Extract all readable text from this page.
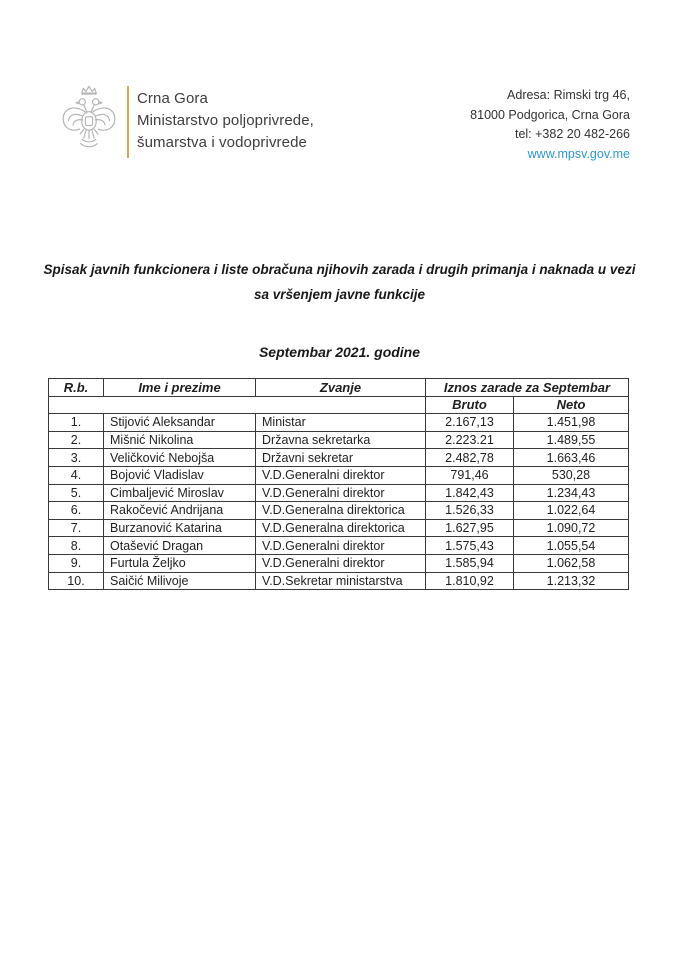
Crna Gora
Ministarstvo poljoprivrede,
šumarstva i vodoprivrede
Adresa: Rimski trg 46,
81000 Podgorica, Crna Gora
tel: +382 20 482-266
www.mpsv.gov.me
Spisak javnih funkcionera i liste obračuna njihovih zarada i drugih primanja i naknada u vezi
sa vršenjem javne funkcije
Septembar 2021. godine
R.b.	Ime i prezime	Zvanje	Iznos zarade za Septembar	
			Bruto	Neto
1.	Stijović Aleksandar	Ministar	2.167,13	1.451,98
2.	Mišnić Nikolina	Državna sekretarka	2.223.21	1.489,55
3.	Veličković Nebojša	Državni sekretar	2.482,78	1.663,46
4.	Bojović Vladislav	V.D.Generalni direktor	791,46	530,28
5.	Cimbaljević Miroslav	V.D.Generalni direktor	1.842,43	1.234,43
6.	Rakočević Andrijana	V.D.Generalna direktorica	1.526,33	1.022,64
7.	Burzanović Katarina	V.D.Generalna direktorica	1.627,95	1.090,72
8.	Otašević Dragan	V.D.Generalni direktor	1.575,43	1.055,54
9.	Furtula Željko	V.D.Generalni direktor	1.585,94	1.062,58
10.	Saičić Milivoje	V.D.Sekretar ministarstva	1.810,92	1.213,32
